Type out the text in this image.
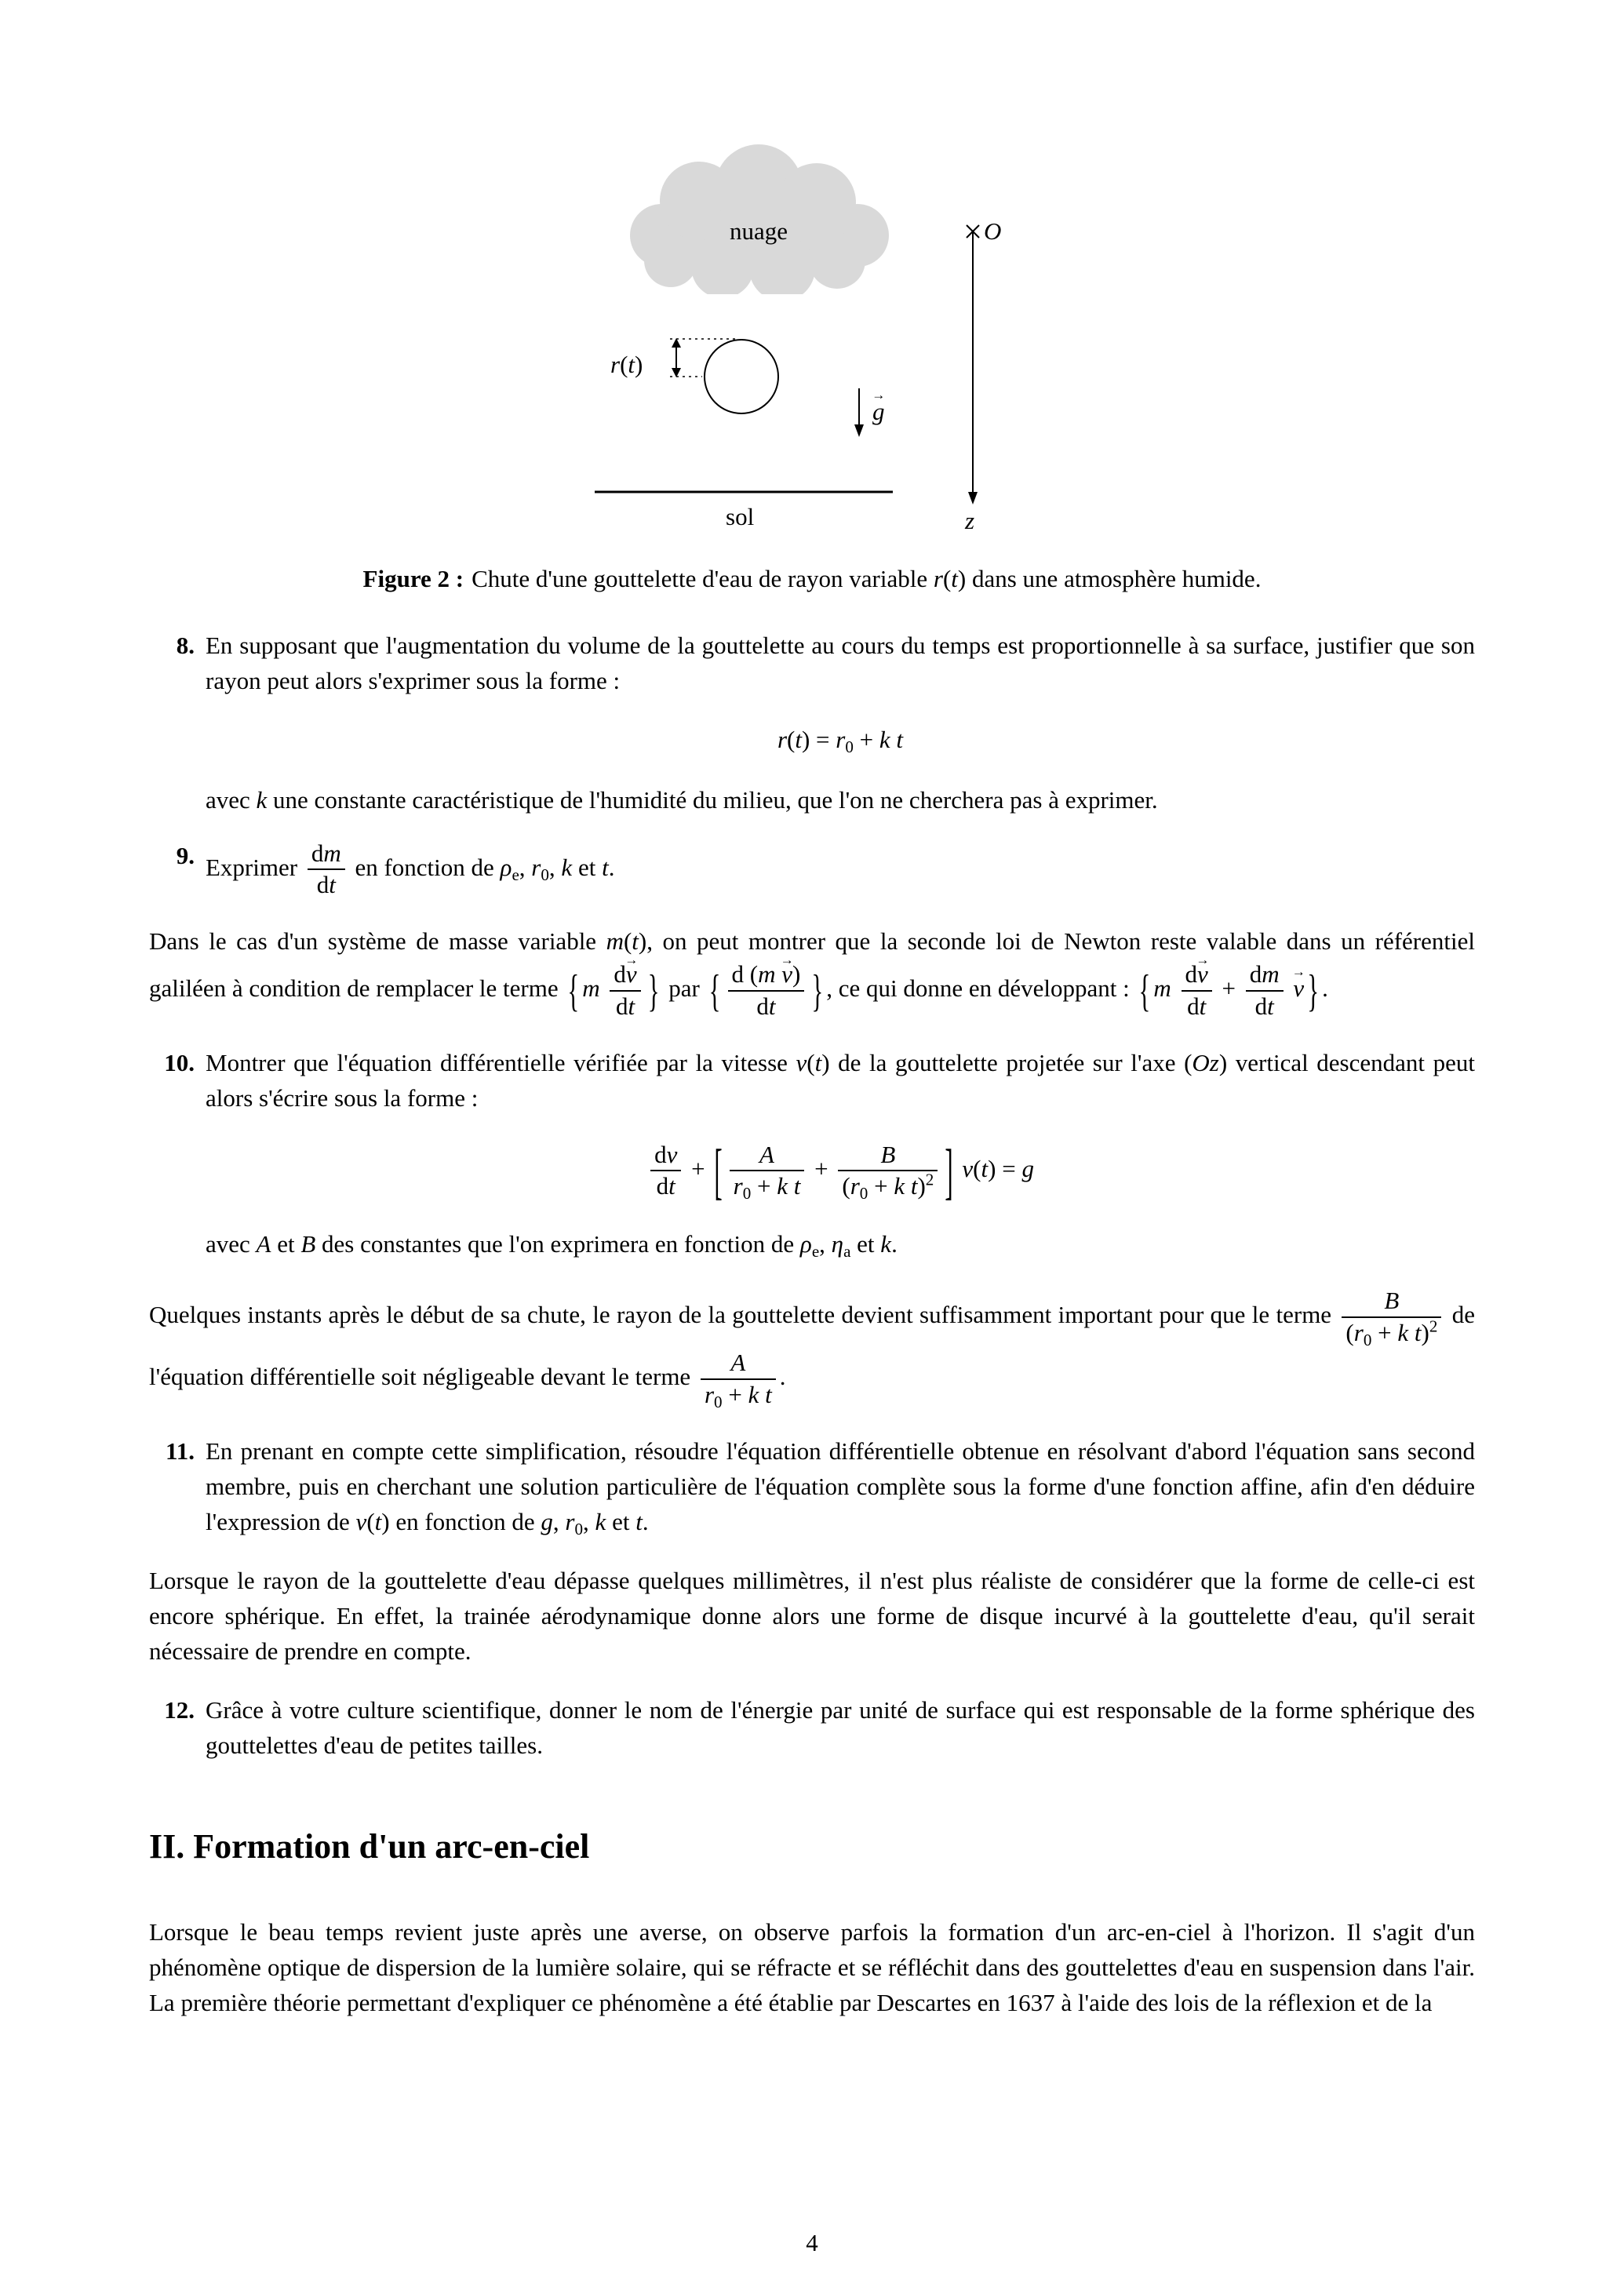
nuage
r(t)
g →
O
z
sol
Figure 2 : Chute d'une gouttelette d'eau de rayon variable r(t) dans une atmosphère humide.
8. En supposant que l'augmentation du volume de la gouttelette au cours du temps est proportionnelle à sa surface, justifier que son rayon peut alors s'exprimer sous la forme :
$r(t) = r_0 + k$ t
avec k une constante caractéristique de l'humidité du milieu, que l'on ne cherchera pas à exprimer.
9. Exprimer $\frac{dm}{dt}$ en fonction de $\rho_e$, $r_0$, k et t.
Dans le cas d'un système de masse variable m(t), on peut montrer que la seconde loi de Newton reste valable dans un référentiel galiléen à condition de remplacer le terme { m $\frac{dv \to}{dt}$ } par { $\frac{\text{d (m v →)}}{dt}$ } , ce qui donne en développant : { m $\frac{dv \to}{dt} + \frac{dm}{dt}$ v → } .
10. Montrer que l'équation différentielle vérifiée par la vitesse v(t) de la gouttelette projetée sur l'axe (Oz) vertical descendant peut alors s'écrire sous la forme :
$\frac{dv}{dt}$ + [ $\frac{A}{r_0 + k t} + \frac{B}{(r_0 + k t)^2}$ ] v(t) = g
avec A et B des constantes que l'on exprimera en fonction de $\rho_e$, $\eta_a$ et k.
Quelques instants après le début de sa chute, le rayon de la gouttelette devient suffisamment important pour que le terme $\frac{B}{(r_0 + k t)^2}$ de l'équation différentielle soit négligeable devant le terme $\frac{A}{r_0 + k t}$ .
11. En prenant en compte cette simplification, résoudre l'équation différentielle obtenue en résolvant d'abord l'équation sans second membre, puis en cherchant une solution particulière de l'équation complète sous la forme d'une fonction affine, afin d'en déduire l'expression de v(t) en fonction de g, $r_0$, k et t.
Lorsque le rayon de la gouttelette d'eau dépasse quelques millimètres, il n'est plus réaliste de considérer que la forme de celle-ci est encore sphérique. En effet, la trainée aérodynamique donne alors une forme de disque incurvé à la gouttelette d'eau, qu'il serait nécessaire de prendre en compte.
12. Grâce à votre culture scientifique, donner le nom de l'énergie par unité de surface qui est responsable de la forme sphérique des gouttelettes d'eau de petites tailles.
II. Formation d'un arc-en-ciel
Lorsque le beau temps revient juste après une averse, on observe parfois la formation d'un arc-en-ciel à l'horizon. Il s'agit d'un phénomène optique de dispersion de la lumière solaire, qui se réfracte et se réfléchit dans des gouttelettes d'eau en suspension dans l'air. La première théorie permettant d'expliquer ce phénomène a été établie par Descartes en 1637 à l'aide des lois de la réflexion et de la
4
